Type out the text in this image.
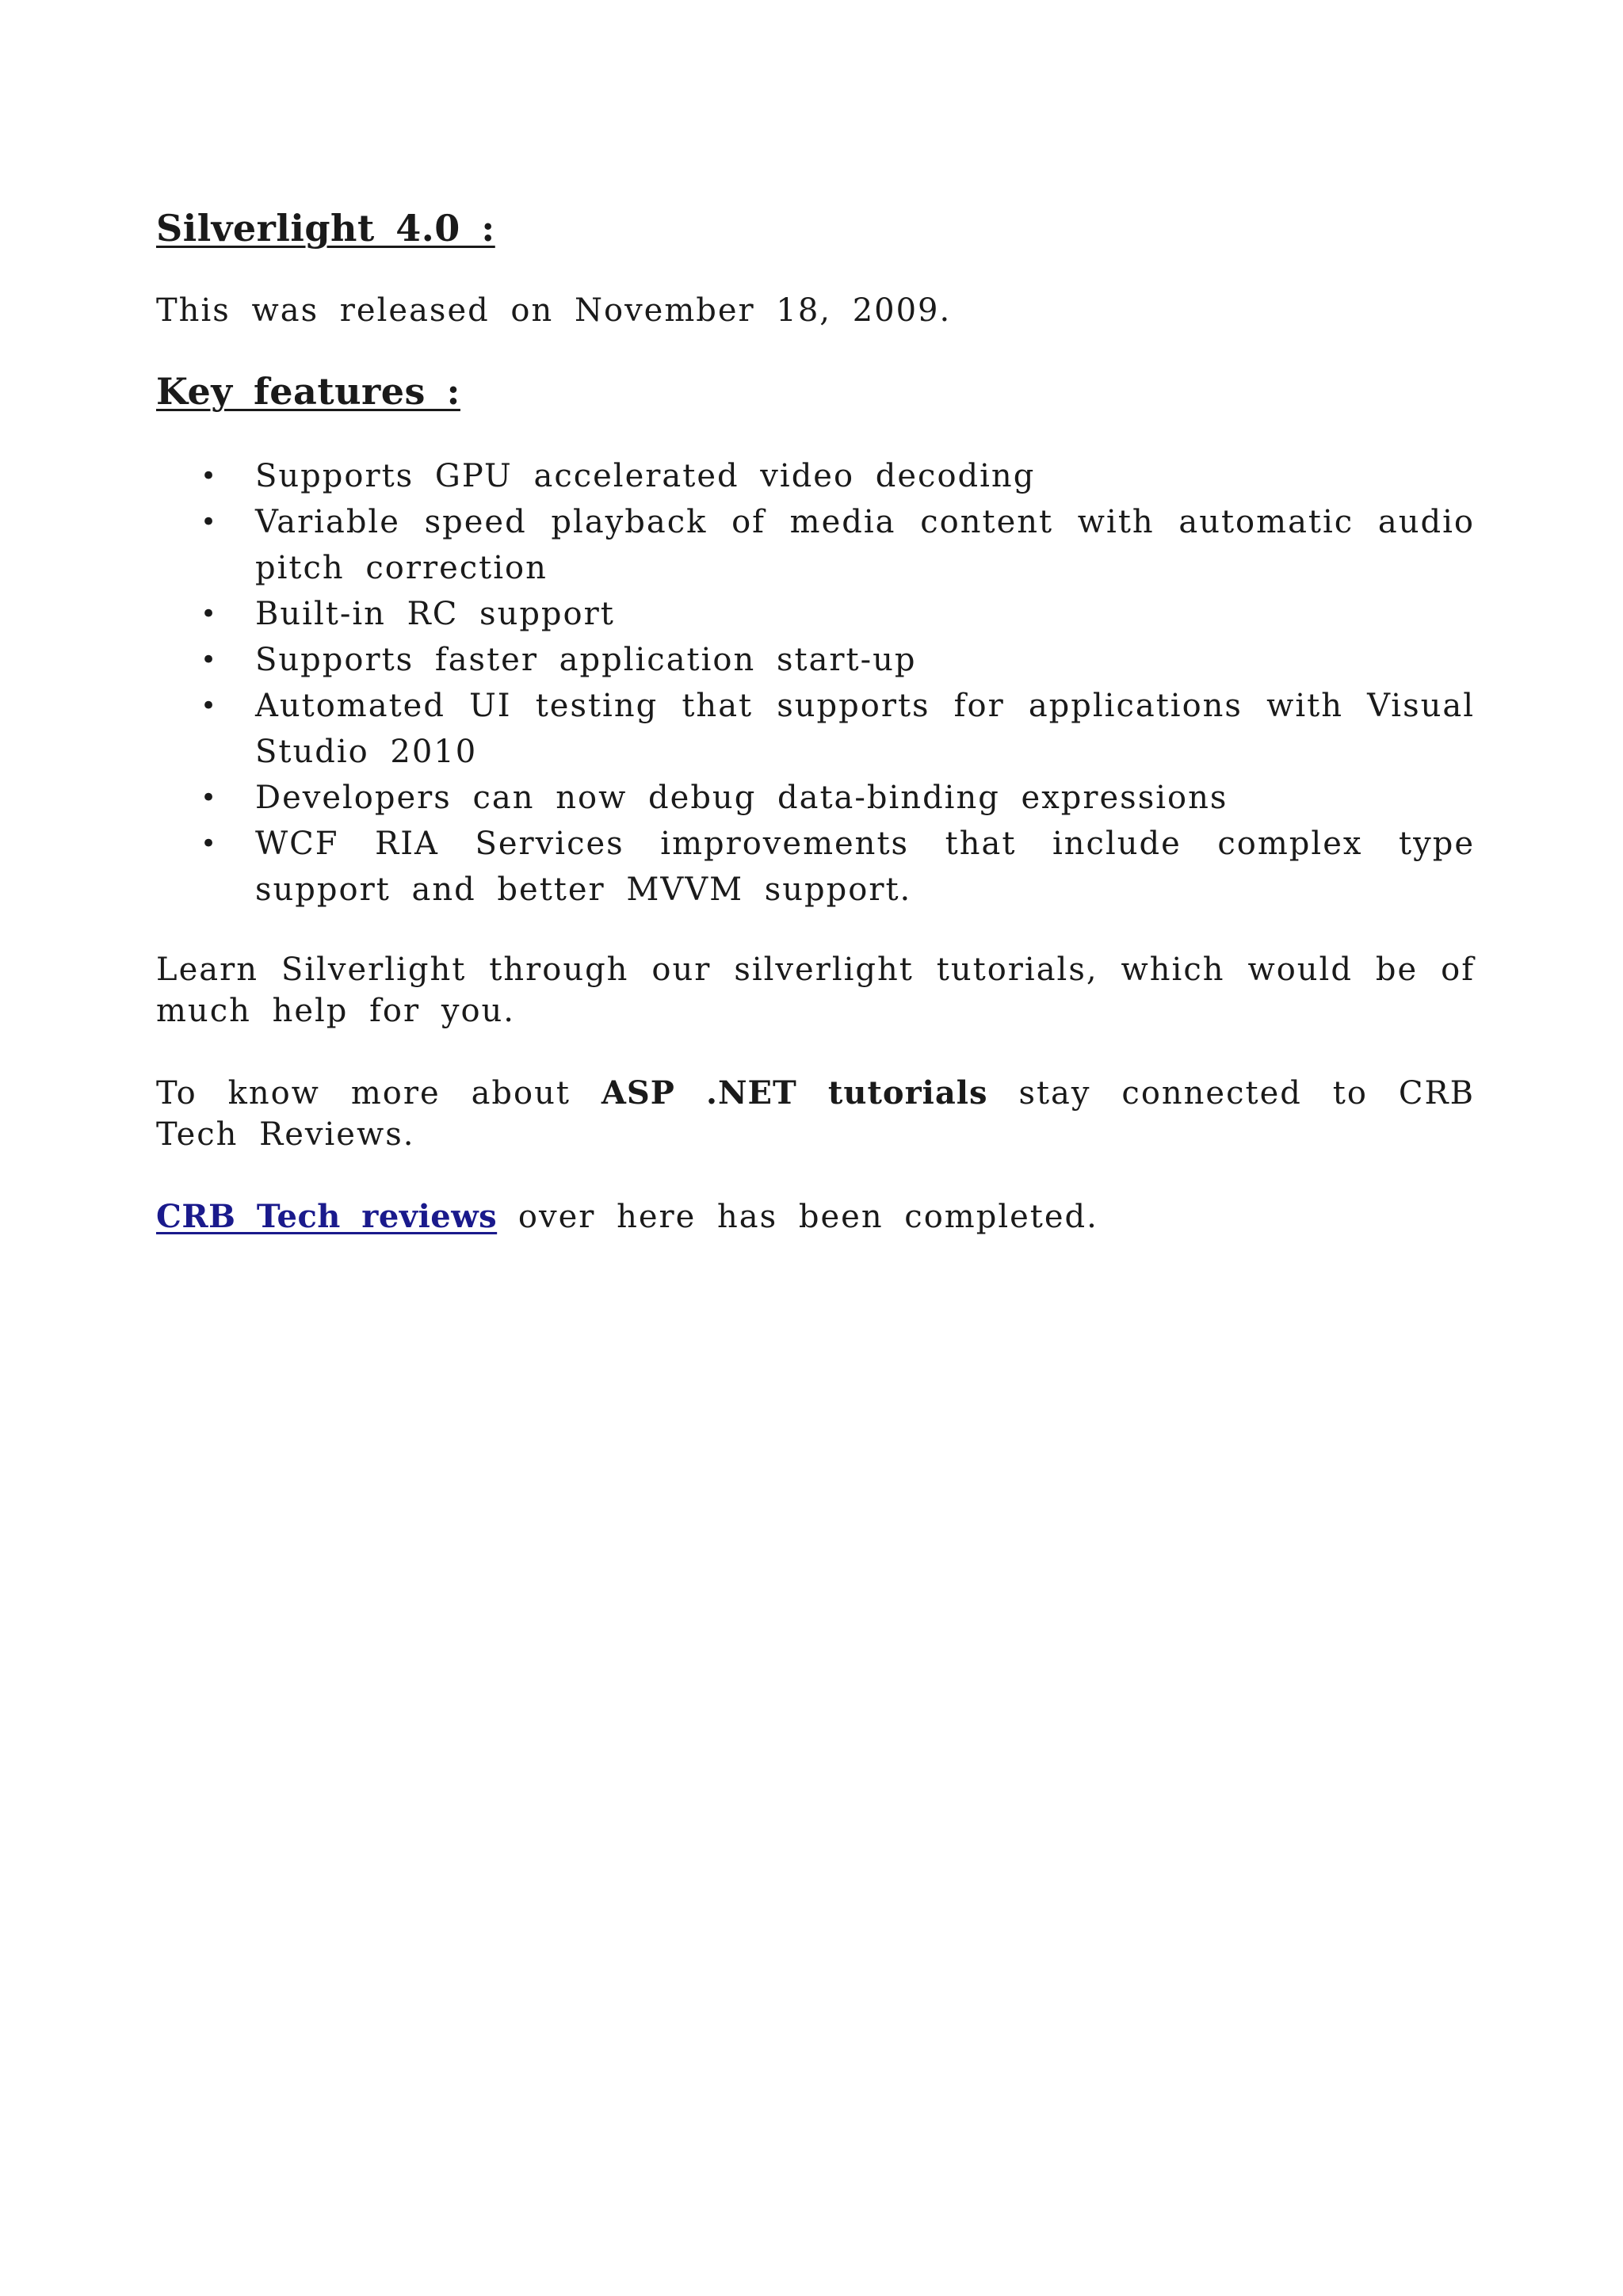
Silverlight 4.0 :

This was released on November 18, 2009.

Key features :
• Supports GPU accelerated video decoding
• Variable speed playback of media content with automatic audio pitch correction
• Built-in RC support
• Supports faster application start-up
• Automated UI testing that supports for applications with Visual Studio 2010
• Developers can now debug data-binding expressions
• WCF RIA Services improvements that include complex type support and better MVVM support.

Learn Silverlight through our silverlight tutorials, which would be of much help for you.

To know more about ASP .NET tutorials stay connected to CRB Tech Reviews.

CRB Tech reviews over here has been completed.
